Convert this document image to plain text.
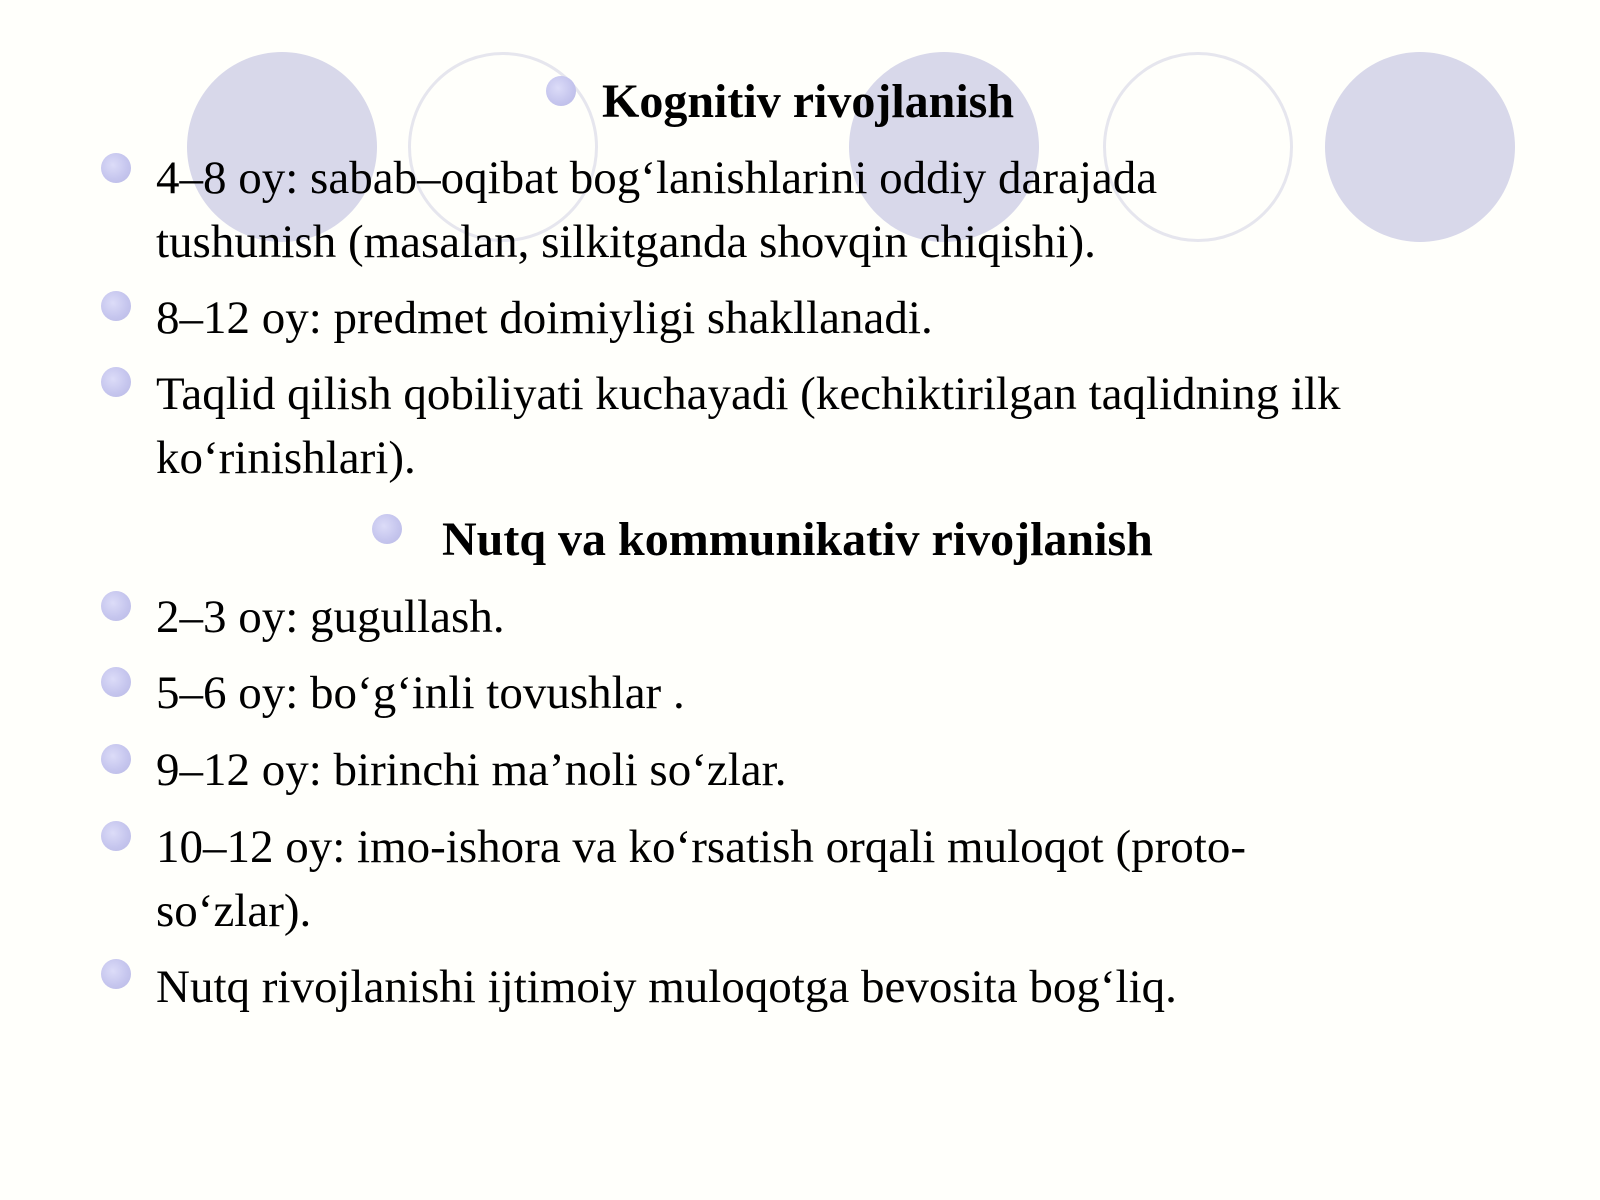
Kognitiv rivojlanish
4–8 oy: sabab–oqibat bog‘lanishlarini oddiy darajada
tushunish (masalan, silkitganda shovqin chiqishi).
8–12 oy: predmet doimiyligi shakllanadi.
Taqlid qilish qobiliyati kuchayadi (kechiktirilgan taqlidning ilk
ko‘rinishlari).
Nutq va kommunikativ rivojlanish
2–3 oy: gugullash.
5–6 oy: bo‘g‘inli tovushlar .
9–12 oy: birinchi ma’noli so‘zlar.
10–12 oy: imo-ishora va ko‘rsatish orqali muloqot (proto-
so‘zlar).
Nutq rivojlanishi ijtimoiy muloqotga bevosita bog‘liq.
